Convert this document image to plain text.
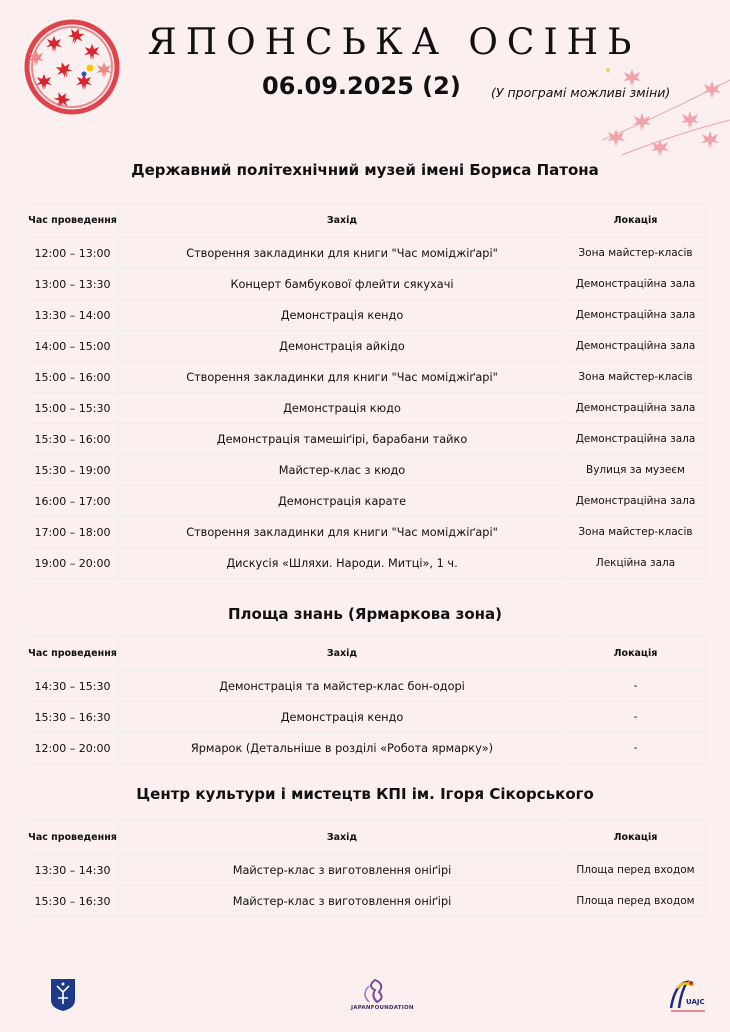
ЯПОНСЬКА ОСІНЬ
06.09.2025 (2) (У програмі можливі зміни)
Державний політехнічний музей імені Бориса Патона
Час проведення	Захід	Локація
12:00 – 13:00	Створення закладинки для книги "Час моміджіґарі"	Зона майстер-класів
13:00 – 13:30	Концерт бамбукової флейти сякухачі	Демонстраційна зала
13:30 – 14:00	Демонстрація кендо	Демонстраційна зала
14:00 – 15:00	Демонстрація айкідо	Демонстраційна зала
15:00 – 16:00	Створення закладинки для книги "Час моміджіґарі"	Зона майстер-класів
15:00 – 15:30	Демонстрація кюдо	Демонстраційна зала
15:30 – 16:00	Демонстрація тамешіґірі, барабани тайко	Демонстраційна зала
15:30 – 19:00	Майстер-клас з кюдо	Вулиця за музеєм
16:00 – 17:00	Демонстрація карате	Демонстраційна зала
17:00 – 18:00	Створення закладинки для книги "Час моміджіґарі"	Зона майстер-класів
19:00 – 20:00	Дискусія «Шляхи. Народи. Митці», 1 ч.	Лекційна зала
Площа знань (Ярмаркова зона)
Час проведення	Захід	Локація
14:30 – 15:30	Демонстрація та майстер-клас бон-одорі	-
15:30 – 16:30	Демонстрація кендо	-
12:00 – 20:00	Ярмарок (Детальніше в розділі «Робота ярмарку»)	-
Центр культури і мистецтв КПІ ім. Ігоря Сікорського
Час проведення	Захід	Локація
13:30 – 14:30	Майстер-клас з виготовлення оніґірі	Площа перед входом
15:30 – 16:30	Майстер-клас з виготовлення оніґірі	Площа перед входом
JAPANFOUNDATION
UAJC
